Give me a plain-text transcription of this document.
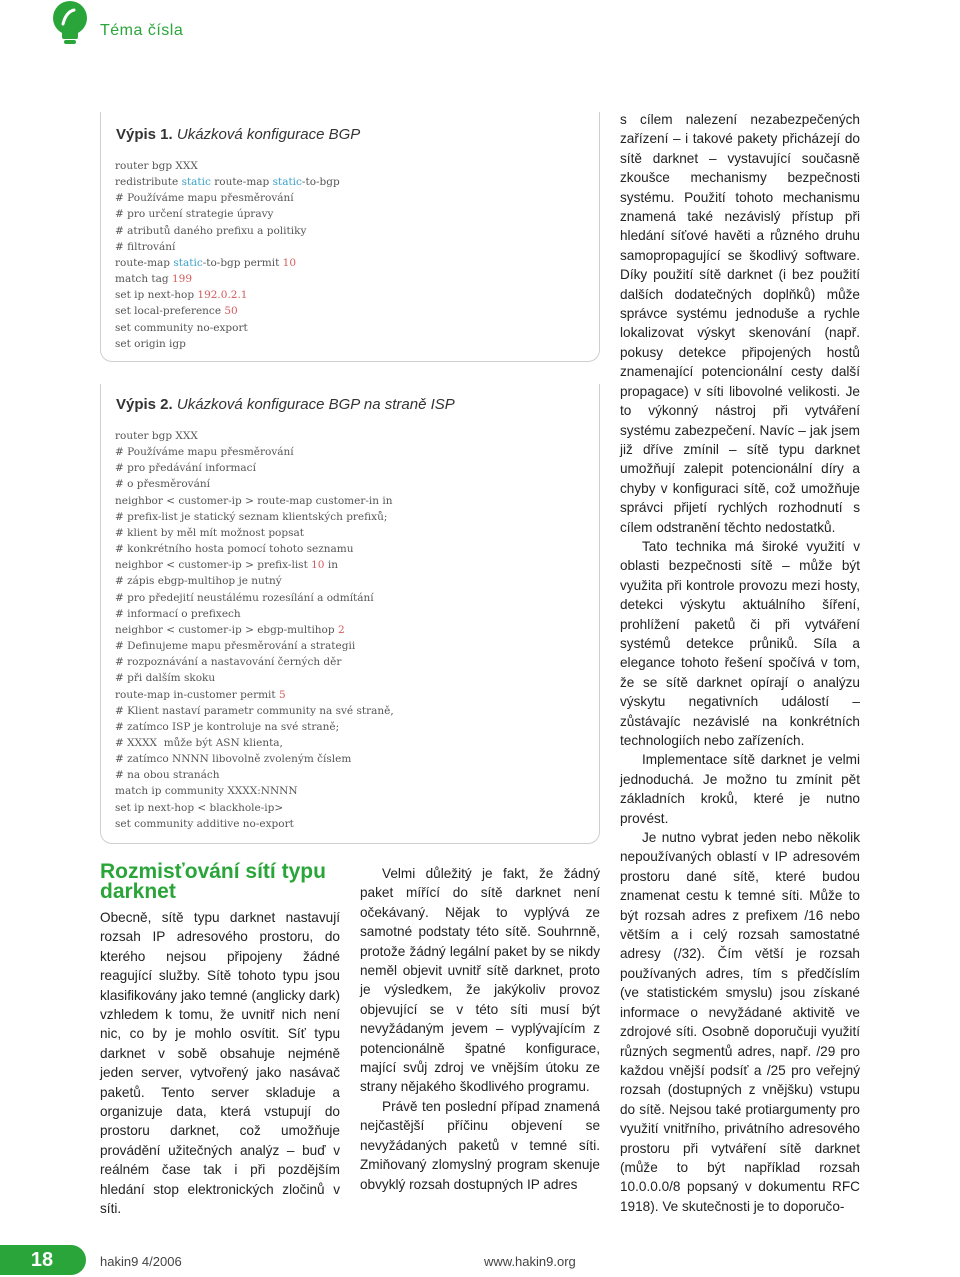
Téma čísla
Výpis 1. Ukázková konfigurace BGP
router bgp XXX
redistribute static route-map static-to-bgp
# Používáme mapu přesměrování
# pro určení strategie úpravy
# atributů daného prefixu a politiky
# filtrování
route-map static-to-bgp permit 10
match tag 199
set ip next-hop 192.0.2.1
set local-preference 50
set community no-export
set origin igp
Výpis 2. Ukázková konfigurace BGP na straně ISP
router bgp XXX
# Používáme mapu přesměrování
# pro předávání informací
# o přesměrování
neighbor < customer-ip > route-map customer-in in
# prefix-list je statický seznam klientských prefixů;
# klient by měl mít možnost popsat
# konkrétního hosta pomocí tohoto seznamu
neighbor < customer-ip > prefix-list 10 in
# zápis ebgp-multihop je nutný
# pro předejití neustálému rozesílání a odmítání
# informací o prefixech
neighbor < customer-ip > ebgp-multihop 2
# Definujeme mapu přesměrování a strategii
# rozpoznávání a nastavování černých děr
# při dalším skoku
route-map in-customer permit 5
# Klient nastaví parametr community na své straně,
# zatímco ISP je kontroluje na své straně;
# XXXX  může být ASN klienta,
# zatímco NNNN libovolně zvoleným číslem
# na obou stranách
match ip community XXXX:NNNN
set ip next-hop < blackhole-ip>
set community additive no-export

s cílem nalezení nezabezpečených zařízení – i takové pakety přicházejí do sítě darknet – vystavující současně zkoušce mechanismy bezpečnosti systému. Použití tohoto mechanismu znamená také nezávislý přístup při hledání síťové havěti a různého druhu samopropagující se škodlivý software. Díky použití sítě darknet (i bez použití dalších dodatečných doplňků) může správce systému jednoduše a rychle lokalizovat výskyt skenování (např. pokusy detekce připojených hostů znamenající potencionální cesty další propagace) v síti libovolné velikosti. Je to výkonný nástroj při vytváření systému zabezpečení. Navíc – jak jsem již dříve zmínil – sítě typu darknet umožňují zalepit potencionální díry a chyby v konfiguraci sítě, což umožňuje správci přijetí rychlých rozhodnutí s cílem odstranění těchto nedostatků.

Tato technika má široké využití v oblasti bezpečnosti sítě – může být využita při kontrole provozu mezi hosty, detekci výskytu aktuálního šíření, prohlížení paketů či při vytváření systémů detekce průniků. Síla a elegance tohoto řešení spočívá v tom, že se sítě darknet opírají o analýzu výskytu negativních událostí – zůstávajíc nezávislé na konkrétních technologiích nebo zařízeních.

Implementace sítě darknet je velmi jednoduchá. Je možno tu zmínit pět základních kroků, které je nutno provést.

Je nutno vybrat jeden nebo několik nepoužívaných oblastí v IP adresovém prostoru dané sítě, které budou znamenat cestu k temné síti. Může to být rozsah adres z prefixem /16 nebo větším a i celý rozsah samostatné adresy (/32). Čím větší je rozsah používaných adres, tím s předčíslím (ve statistickém smyslu) jsou získané informace o nevyžádané aktivitě ve zdrojové síti. Osobně doporučuji využití různých segmentů adres, např. /29 pro každou vnější podsíť a /25 pro veřejný rozsah (dostupných z vnějšku) vstupu do sítě. Nejsou také protiargumenty pro využití vnitřního, privátního adresového prostoru při vytváření sítě darknet (může to být například rozsah 10.0.0.0/8 popsaný v dokumentu RFC 1918). Ve skutečnosti je to doporučo-

Rozmisťování sítí typu darknet

Obecně, sítě typu darknet nastavují rozsah IP adresového prostoru, do kterého nejsou připojeny žádné reagující služby. Sítě tohoto typu jsou klasifikovány jako temné (anglicky dark) vzhledem k tomu, že uvnitř nich není nic, co by je mohlo osvítit. Síť typu darknet v sobě obsahuje nejméně jeden server, vytvořený jako nasávač paketů. Tento server skladuje a organizuje data, která vstupují do prostoru darknet, což umožňuje provádění užitečných analýz – buď v reálném čase tak i při pozdějším hledání stop elektronických zločinů v síti.

Velmi důležitý je fakt, že žádný paket mířící do sítě darknet není očekávaný. Nějak to vyplývá ze samotné podstaty této sítě. Souhrnně, protože žádný legální paket by se nikdy neměl objevit uvnitř sítě darknet, proto je výsledkem, že jakýkoliv provoz objevující se v této síti musí být nevyžádaným jevem – vyplývajícím z potencionálně špatné konfigurace, mající svůj zdroj ve vnějším útoku ze strany nějakého škodlivého programu.

Právě ten poslední případ znamená nejčastější příčinu objevení se nevyžádaných paketů v temné síti. Zmiňovaný zlomyslný program skenuje obvyklý rozsah dostupných IP adres

18	hakin9 4/2006	www.hakin9.org
